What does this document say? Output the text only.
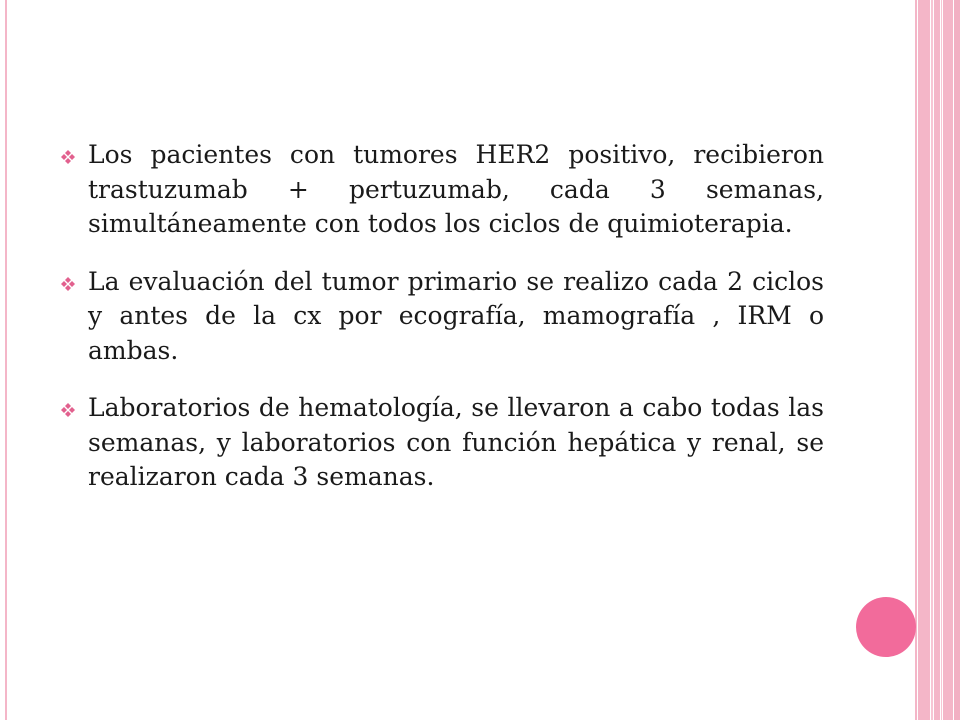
Los pacientes con tumores HER2 positivo, recibieron trastuzumab + pertuzumab, cada 3 semanas, simultáneamente con todos los ciclos de quimioterapia.
La evaluación del tumor primario se realizo cada 2 ciclos y antes de la cx por ecografía, mamografía , IRM o ambas.
Laboratorios de hematología, se llevaron a cabo todas las semanas, y laboratorios con función hepática y renal, se realizaron cada 3 semanas.
